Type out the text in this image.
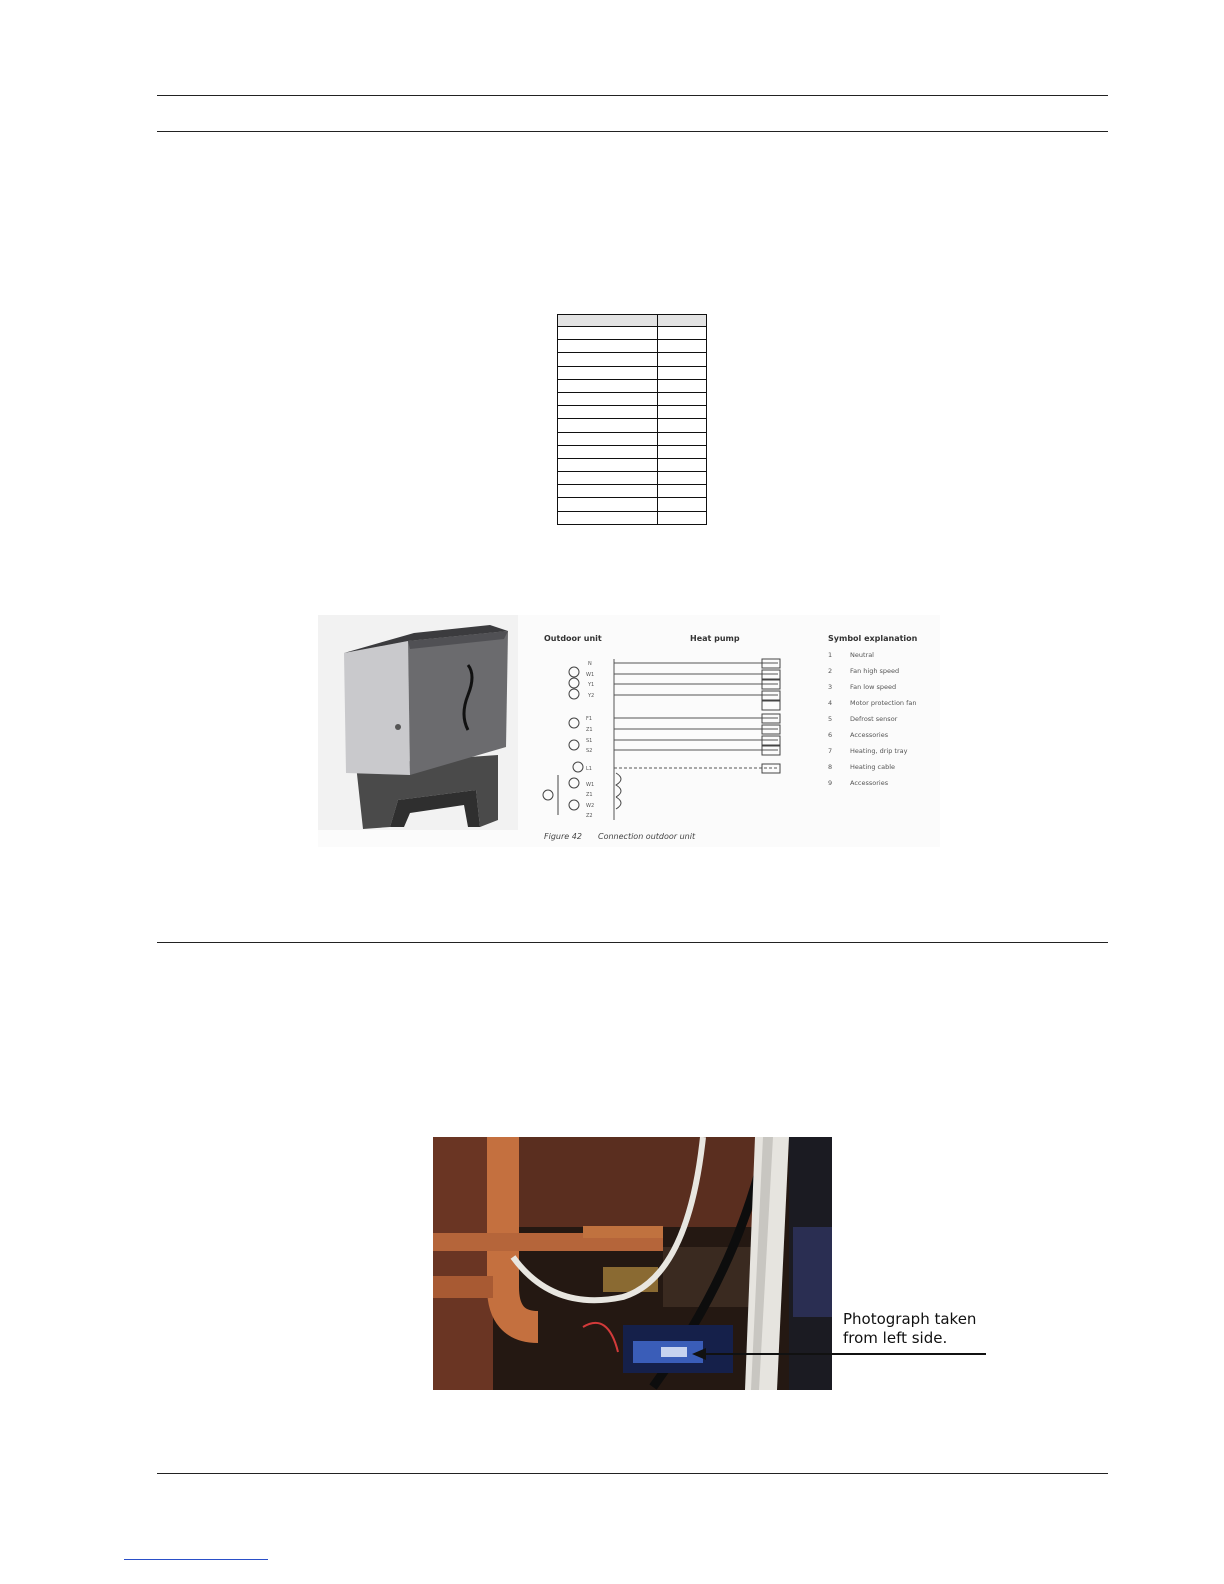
Outdoor unit	Heat pump	Symbol explanation
N
W1
Y1
Y2
F1
Z1
S1
S2
L1
W1
Z1
W2
Z2
Figure 42 Connection outdoor unit
1	Neutral
2	Fan high speed
3	Fan low speed
4	Motor protection fan
5	Defrost sensor
6	Accessories
7	Heating, drip tray
8	Heating cable
9	Accessories
Photograph taken
from left side.
